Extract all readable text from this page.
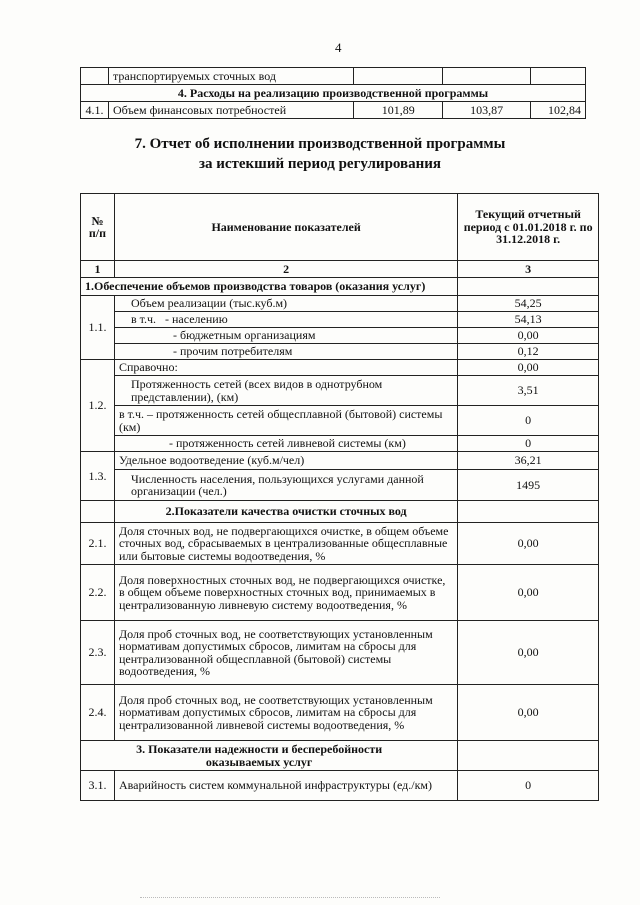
4
	транспортируемых сточных вод			
4. Расходы на реализацию производственной программы				
4.1.	Объем финансовых потребностей	101,89	103,87	102,84
7. Отчет об исполнении производственной программы
за истекший период регулирования
№ п/п	Наименование показателей	Текущий отчетный период с 01.01.2018 г. по 31.12.2018 г.
1	2	3
1.Обеспечение объемов производства товаров (оказания услуг)		
1.1.	Объем реализации (тыс.куб.м)	54,25
	в т.ч.   - населению	54,13
	- бюджетным организациям	0,00
	- прочим потребителям	0,12
1.2.	Справочно:	0,00
	Протяженность сетей (всех видов в однотрубном представлении), (км)	3,51
	в т.ч. – протяженность сетей общесплавной (бытовой) системы (км)	0
	- протяженность сетей ливневой системы (км)	0
1.3.	Удельное водоотведение (куб.м/чел)	36,21
	Численность населения, пользующихся услугами данной организации (чел.)	1495
	2.Показатели качества очистки сточных вод	
2.1.	Доля сточных вод, не подвергающихся очистке, в общем объеме сточных вод, сбрасываемых в централизованные общесплавные или бытовые системы водоотведения, %	0,00
2.2.	Доля поверхностных сточных вод, не подвергающихся очистке, в общем объеме поверхностных сточных вод, принимаемых в централизованную ливневую систему водоотведения, %	0,00
2.3.	Доля проб сточных вод, не соответствующих установленным нормативам допустимых сбросов, лимитам на сбросы для централизованной общесплавной (бытовой) системы водоотведения, %	0,00
2.4.	Доля проб сточных вод, не соответствующих установленным нормативам допустимых сбросов, лимитам на сбросы для централизованной ливневой системы водоотведения, %	0,00
3. Показатели надежности и бесперебойности оказываемых услуг		
3.1.	Аварийность систем коммунальной инфраструктуры (ед./км)	0
